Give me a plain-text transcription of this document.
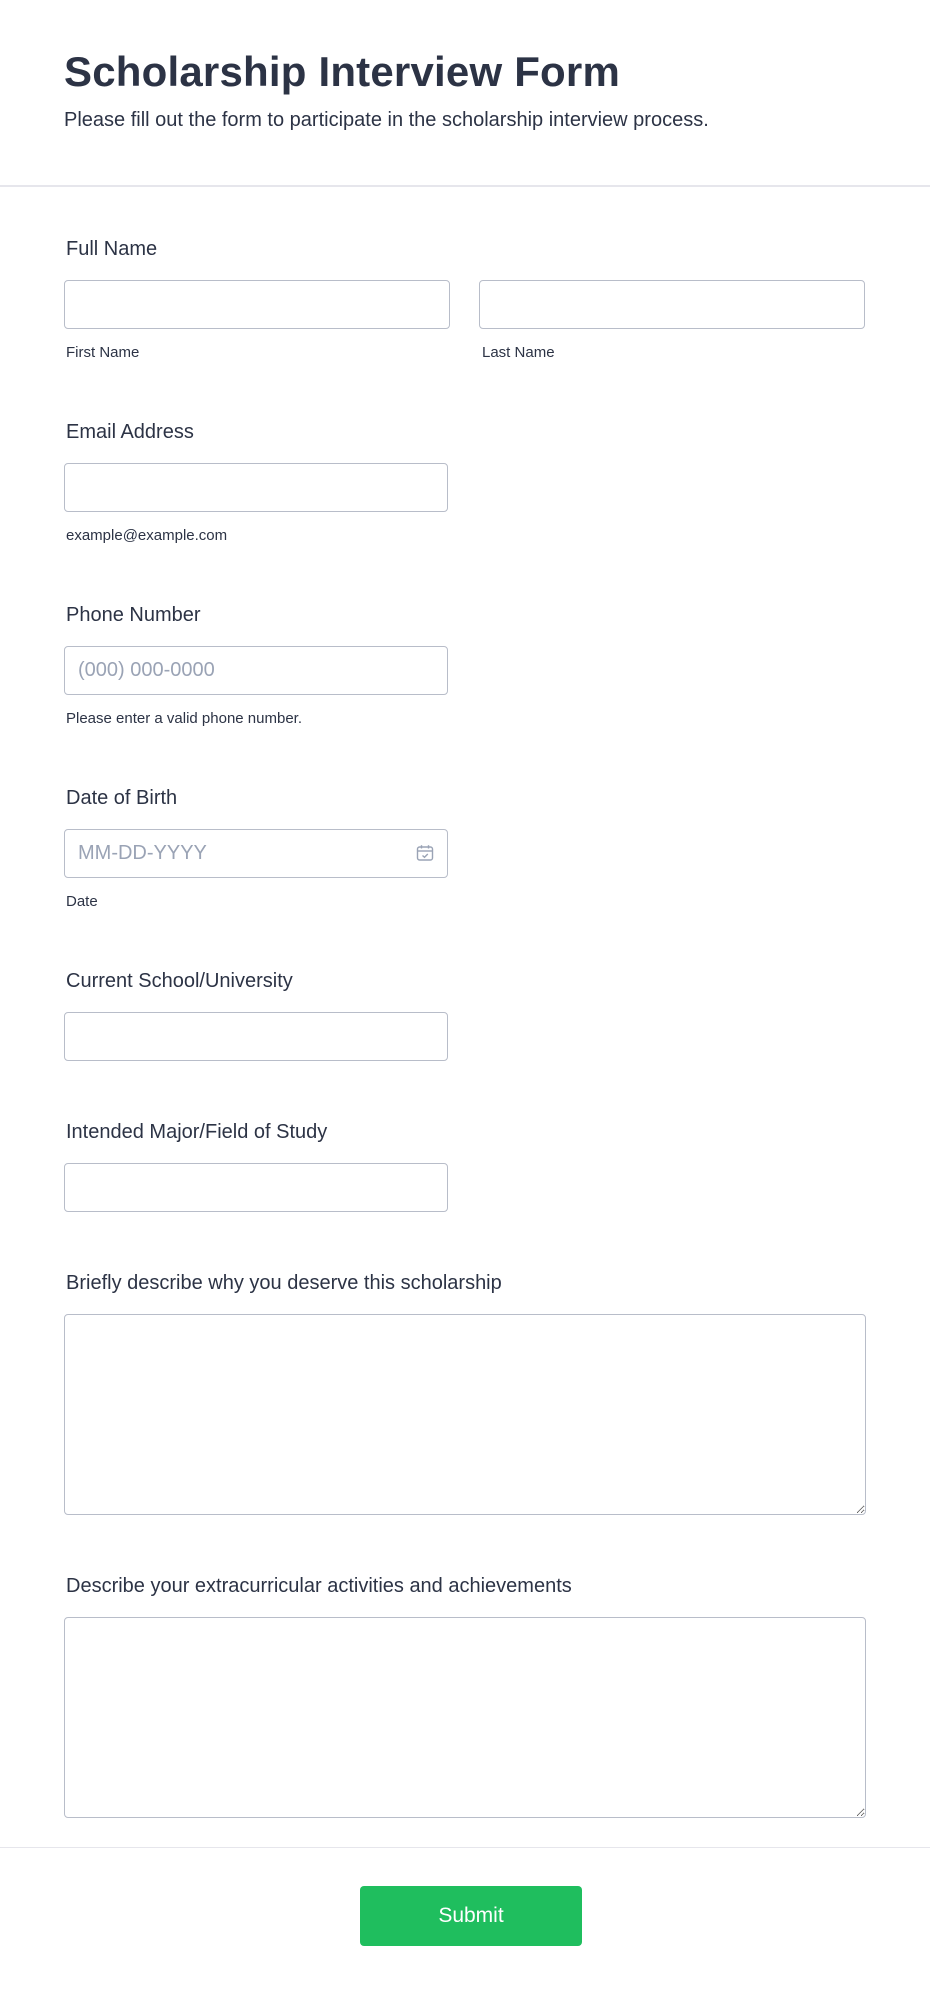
Scholarship Interview Form

Please fill out the form to participate in the scholarship interview process.

Full Name
First Name	Last Name
Email Address
example@example.com
Phone Number
(000) 000-0000
Please enter a valid phone number.
Date of Birth
MM-DD-YYYY
Date
Current School/University
Intended Major/Field of Study
Briefly describe why you deserve this scholarship
Describe your extracurricular activities and achievements
Submit
